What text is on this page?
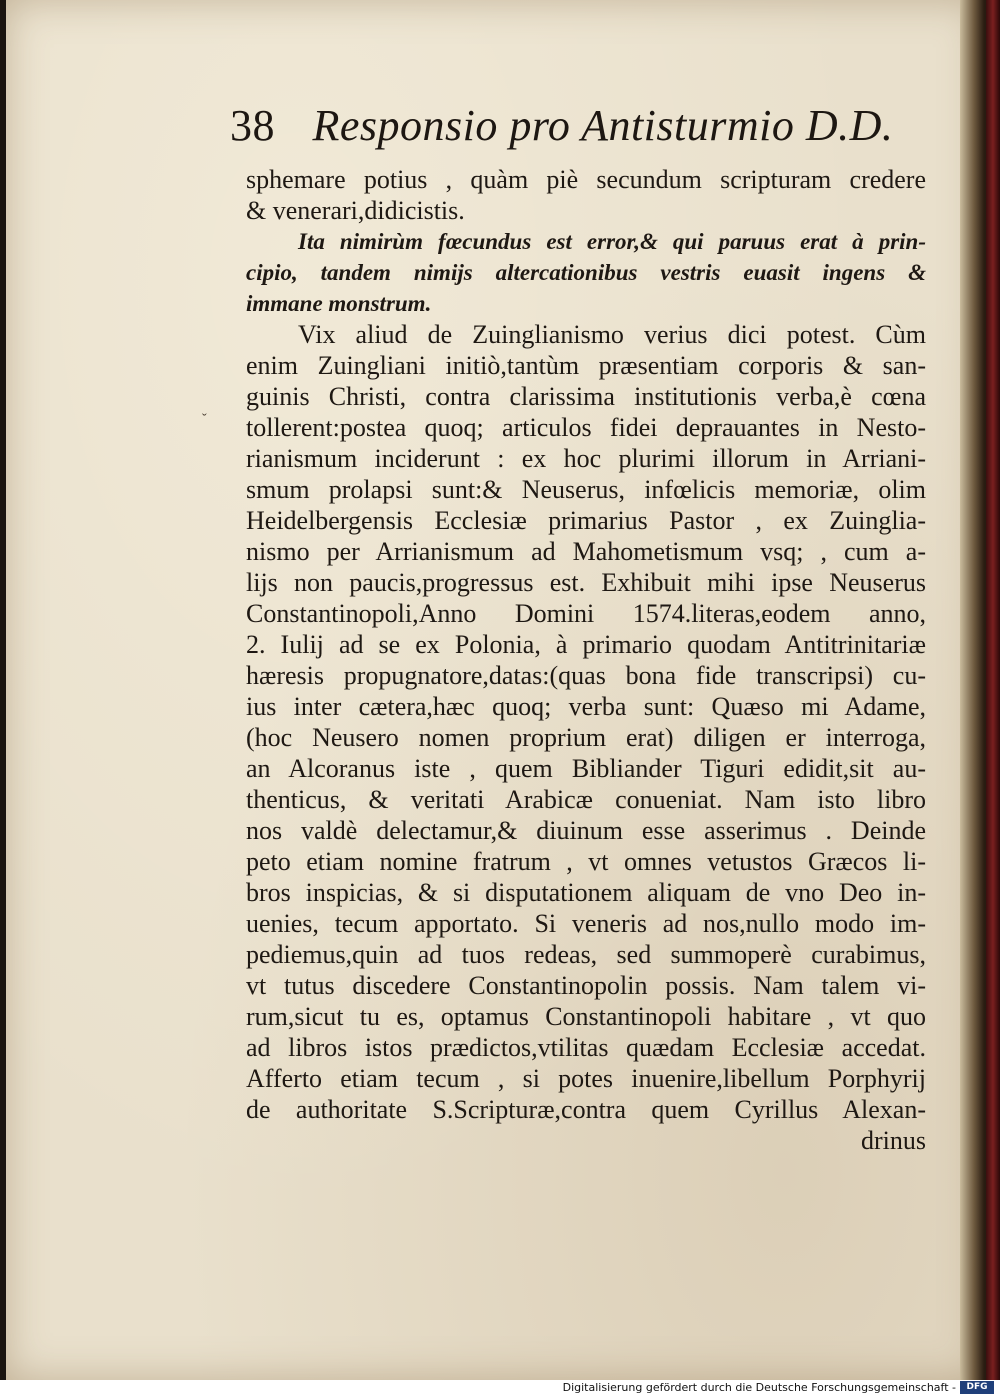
38 Responsio pro Antisturmio D.D.
ˇ
sphemare potius , quàm piè secundum scripturam credere
& venerari,didicistis.
Ita nimirùm fœcundus est error,& qui paruus erat à prin-
cipio, tandem nimijs altercationibus vestris euasit ingens &
immane monstrum.
Vix aliud de Zuinglianismo verius dici potest. Cùm
enim Zuingliani initiò,tantùm præsentiam corporis & san-
guinis Christi, contra clarissima institutionis verba,è cœna
tollerent:postea quoq; articulos fidei deprauantes in Nesto-
rianismum inciderunt : ex hoc plurimi illorum in Arriani-
smum prolapsi sunt:& Neuserus, infœlicis memoriæ, olim
Heidelbergensis Ecclesiæ primarius Pastor , ex Zuinglia-
nismo per Arrianismum ad Mahometismum vsq; , cum a-
lijs non paucis,progressus est. Exhibuit mihi ipse Neuserus
Constantinopoli,Anno Domini 1574.literas,eodem anno,
2. Iulij ad se ex Polonia, à primario quodam Antitrinitariæ
hæresis propugnatore,datas:(quas bona fide transcripsi) cu-
ius inter cætera,hæc quoq; verba sunt: Quæso mi Adame,
(hoc Neusero nomen proprium erat) diligen er interroga,
an Alcoranus iste , quem Bibliander Tiguri edidit,sit au-
thenticus, & veritati Arabicæ conueniat. Nam isto libro
nos valdè delectamur,& diuinum esse asserimus . Deinde
peto etiam nomine fratrum , vt omnes vetustos Græcos li-
bros inspicias, & si disputationem aliquam de vno Deo in-
uenies, tecum apportato. Si veneris ad nos,nullo modo im-
pediemus,quin ad tuos redeas, sed summoperè curabimus,
vt tutus discedere Constantinopolin possis. Nam talem vi-
rum,sicut tu es, optamus Constantinopoli habitare , vt quo
ad libros istos prædictos,vtilitas quædam Ecclesiæ accedat.
Afferto etiam tecum , si potes inuenire,libellum Porphyrij
de authoritate S.Scripturæ,contra quem Cyrillus Alexan-
drinus
Digitalisierung gefördert durch die Deutsche Forschungsgemeinschaft -	DFG
